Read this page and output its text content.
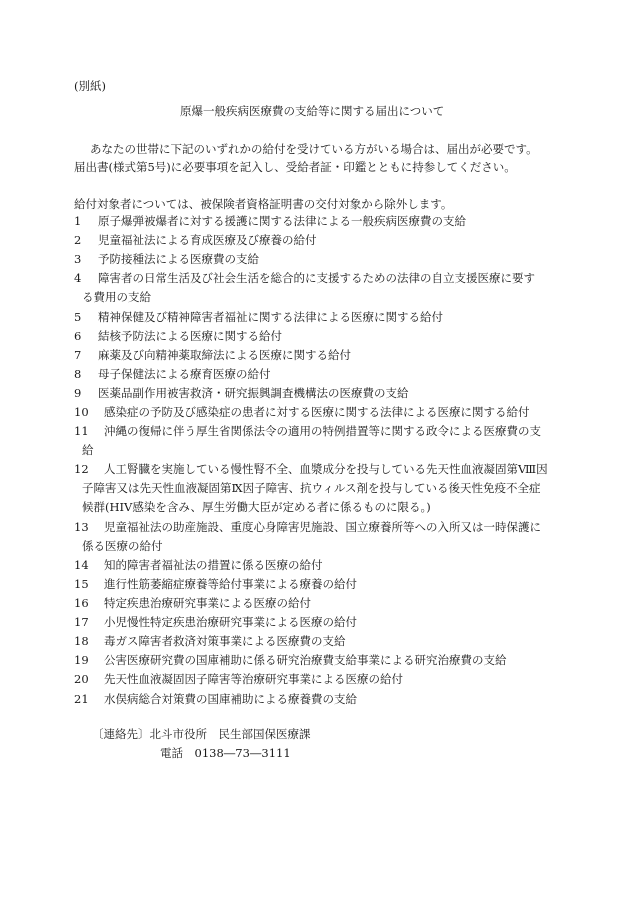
(別紙)
原爆一般疾病医療費の支給等に関する届出について
あなたの世帯に下記のいずれかの給付を受けている方がいる場合は、届出が必要です。
届出書(様式第5号)に必要事項を記入し、受給者証・印鑑とともに持参してください。
給付対象者については、被保険者資格証明書の交付対象から除外します。
1 原子爆弾被爆者に対する援護に関する法律による一般疾病医療費の支給
2 児童福祉法による育成医療及び療養の給付
3 予防接種法による医療費の支給
4 障害者の日常生活及び社会生活を総合的に支援するための法律の自立支援医療に要す
る費用の支給
5 精神保健及び精神障害者福祉に関する法律による医療に関する給付
6 結核予防法による医療に関する給付
7 麻薬及び向精神薬取締法による医療に関する給付
8 母子保健法による療育医療の給付
9 医薬品副作用被害救済・研究振興調査機構法の医療費の支給
10 感染症の予防及び感染症の患者に対する医療に関する法律による医療に関する給付
11 沖縄の復帰に伴う厚生省関係法令の適用の特例措置等に関する政令による医療費の支
給
12 人工腎臓を実施している慢性腎不全、血漿成分を投与している先天性血液凝固第Ⅷ因
子障害又は先天性血液凝固第Ⅸ因子障害、抗ウィルス剤を投与している後天性免疫不全症
候群(HIV感染を含み、厚生労働大臣が定める者に係るものに限る。)
13 児童福祉法の助産施設、重度心身障害児施設、国立療養所等への入所又は一時保護に
係る医療の給付
14 知的障害者福祉法の措置に係る医療の給付
15 進行性筋萎縮症療養等給付事業による療養の給付
16 特定疾患治療研究事業による医療の給付
17 小児慢性特定疾患治療研究事業による医療の給付
18 毒ガス障害者救済対策事業による医療費の支給
19 公害医療研究費の国庫補助に係る研究治療費支給事業による研究治療費の支給
20 先天性血液凝固因子障害等治療研究事業による医療の給付
21 水俣病総合対策費の国庫補助による療養費の支給
〔連絡先〕北斗市役所　民生部国保医療課
電話　0138―73―3111
